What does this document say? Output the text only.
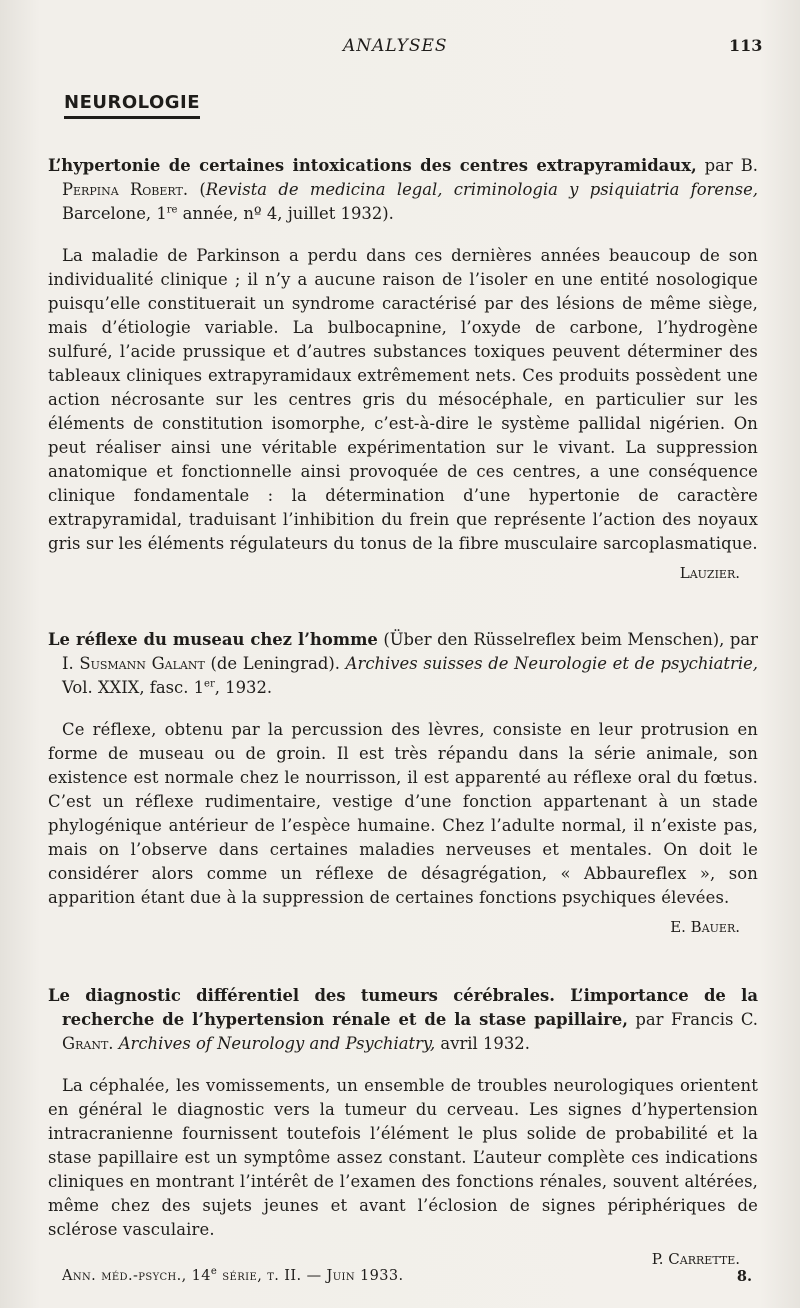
ANALYSES	113
NEUROLOGIE

L’hypertonie de certaines intoxications des centres extrapyramidaux, par B. Perpina Robert. (Revista de medicina legal, criminologia y psiquiatria forense, Barcelone, 1re année, nº 4, juillet 1932).

La maladie de Parkinson a perdu dans ces dernières années beaucoup de son individualité clinique ; il n’y a aucune raison de l’isoler en une entité nosologique puisqu’elle constituerait un syndrome caractérisé par des lésions de même siège, mais d’étiologie variable. La bulbocapnine, l’oxyde de carbone, l’hydrogène sulfuré, l’acide prussique et d’autres substances toxiques peuvent déterminer des tableaux cliniques extrapyramidaux extrêmement nets. Ces produits possèdent une action nécrosante sur les centres gris du mésocéphale, en particulier sur les éléments de constitution isomorphe, c’est-à-dire le système pallidal nigérien. On peut réaliser ainsi une véritable expérimentation sur le vivant. La suppression anatomique et fonctionnelle ainsi provoquée de ces centres, a une conséquence clinique fondamentale : la détermination d’une hypertonie de caractère extrapyramidal, traduisant l’inhibition du frein que représente l’action des noyaux gris sur les éléments régulateurs du tonus de la fibre musculaire sarcoplasmatique.

Lauzier.

Le réflexe du museau chez l’homme (Über den Rüsselreflex beim Menschen), par I. Susmann Galant (de Leningrad). Archives suisses de Neurologie et de psychiatrie, Vol. XXIX, fasc. 1er, 1932.

Ce réflexe, obtenu par la percussion des lèvres, consiste en leur protrusion en forme de museau ou de groin. Il est très répandu dans la série animale, son existence est normale chez le nourrisson, il est apparenté au réflexe oral du fœtus. C’est un réflexe rudimentaire, vestige d’une fonction appartenant à un stade phylogénique antérieur de l’espèce humaine. Chez l’adulte normal, il n’existe pas, mais on l’observe dans certaines maladies nerveuses et mentales. On doit le considérer alors comme un réflexe de désagrégation, « Abbaureflex », son apparition étant due à la suppression de certaines fonctions psychiques élevées.

E. Bauer.

Le diagnostic différentiel des tumeurs cérébrales. L’importance de la recherche de l’hypertension rénale et de la stase papillaire, par Francis C. Grant. Archives of Neurology and Psychiatry, avril 1932.

La céphalée, les vomissements, un ensemble de troubles neurologiques orientent en général le diagnostic vers la tumeur du cerveau. Les signes d’hypertension intracranienne fournissent toutefois l’élément le plus solide de probabilité et la stase papillaire est un symptôme assez constant. L’auteur complète ces indications cliniques en montrant l’intérêt de l’examen des fonctions rénales, souvent altérées, même chez des sujets jeunes et avant l’éclosion de signes périphériques de sclérose vasculaire.

P. Carrette.
Ann. méd.-psych., 14e série, t. II. — Juin 1933.	8.
